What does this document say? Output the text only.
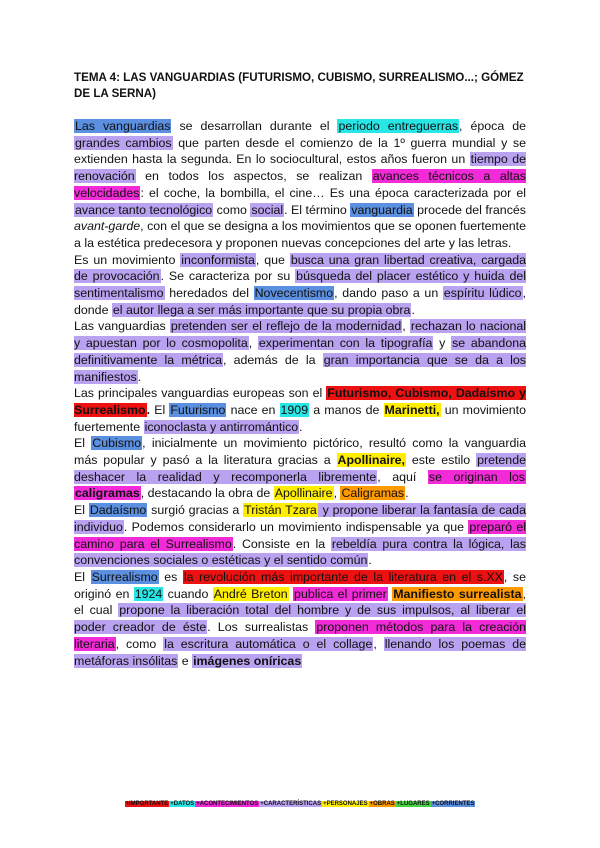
TEMA 4: LAS VANGUARDIAS (FUTURISMO, CUBISMO, SURREALISMO...; GÓMEZ DE LA SERNA)

Las vanguardias se desarrollan durante el periodo entreguerras, época de grandes cambios que parten desde el comienzo de la 1º guerra mundial y se extienden hasta la segunda. En lo sociocultural, estos años fueron un tiempo de renovación en todos los aspectos, se realizan avances técnicos a altas velocidades: el coche, la bombilla, el cine… Es una época caracterizada por el avance tanto tecnológico como social. El término vanguardia procede del francés avant-garde, con el que se designa a los movimientos que se oponen fuertemente a la estética predecesora y proponen nuevas concepciones del arte y las letras.

Es un movimiento inconformista, que busca una gran libertad creativa, cargada de provocación. Se caracteriza por su búsqueda del placer estético y huida del sentimentalismo heredados del Novecentismo, dando paso a un espíritu lúdico, donde el autor llega a ser más importante que su propia obra.

Las vanguardias pretenden ser el reflejo de la modernidad, rechazan lo nacional y apuestan por lo cosmopolita, experimentan con la tipografía y se abandona definitivamente la métrica, además de la gran importancia que se da a los manifiestos.

Las principales vanguardias europeas son el Futurismo, Cubismo, Dadaísmo y Surrealismo. El Futurismo nace en 1909 a manos de Marinetti, un movimiento fuertemente iconoclasta y antirromántico.

El Cubismo, inicialmente un movimiento pictórico, resultó como la vanguardia más popular y pasó a la literatura gracias a Apollinaire, este estilo pretende deshacer la realidad y recomponerla libremente, aquí se originan los caligramas, destacando la obra de Apollinaire, Caligramas.

El Dadaísmo surgió gracias a Tristán Tzara y propone liberar la fantasía de cada individuo. Podemos considerarlo un movimiento indispensable ya que preparó el camino para el Surrealismo. Consiste en la rebeldía pura contra la lógica, las convenciones sociales o estéticas y el sentido común.

El Surrealismo es la revolución más importante de la literatura en el s.XX, se originó en 1924 cuando André Breton publica el primer Manifiesto surrealista, el cual propone la liberación total del hombre y de sus impulsos, al liberar el poder creador de éste. Los surrealistas proponen métodos para la creación literaria, como la escritura automática o el collage, llenando los poemas de metáforas insólitas e imágenes oníricas

+IMPORTANTE +DATOS +ACONTECIMIENTOS +CARACTERÍSTICAS +PERSONAJES +OBRAS +LUGARES +CORRIENTES
